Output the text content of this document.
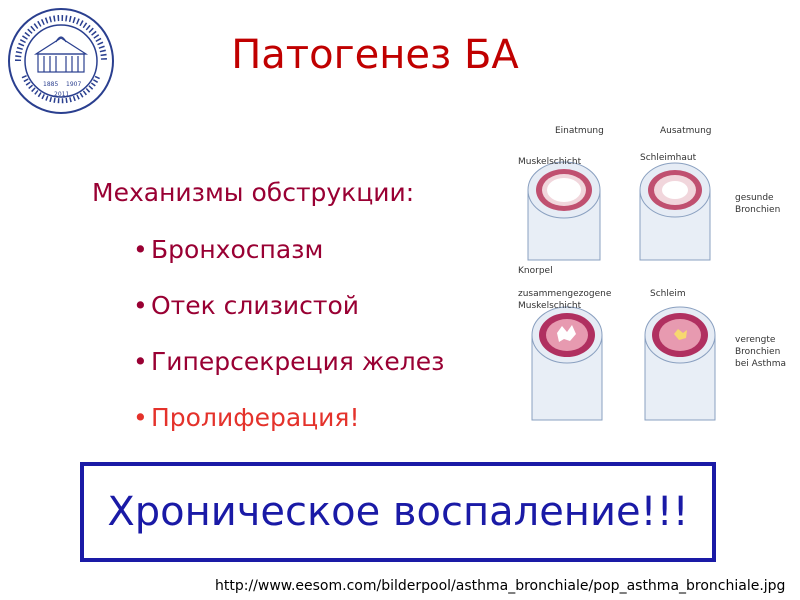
1885 1907
2011
Патогенез БА
Механизмы обструкции:
• Бронхоспазм
• Отек слизистой
• Гиперсекреция желез
• Пролиферация!
Einatmung	Ausatmung
Muskelschicht	Schleimhaut
gesunde
Bronchien
Knorpel
zusammengezogene
Muskelschicht
Schleim
verengte
Bronchien
bei Asthma
Хроническое воспаление!!!
http://www.eesom.com/bilderpool/asthma_bronchiale/pop_asthma_bronchiale.jpg
